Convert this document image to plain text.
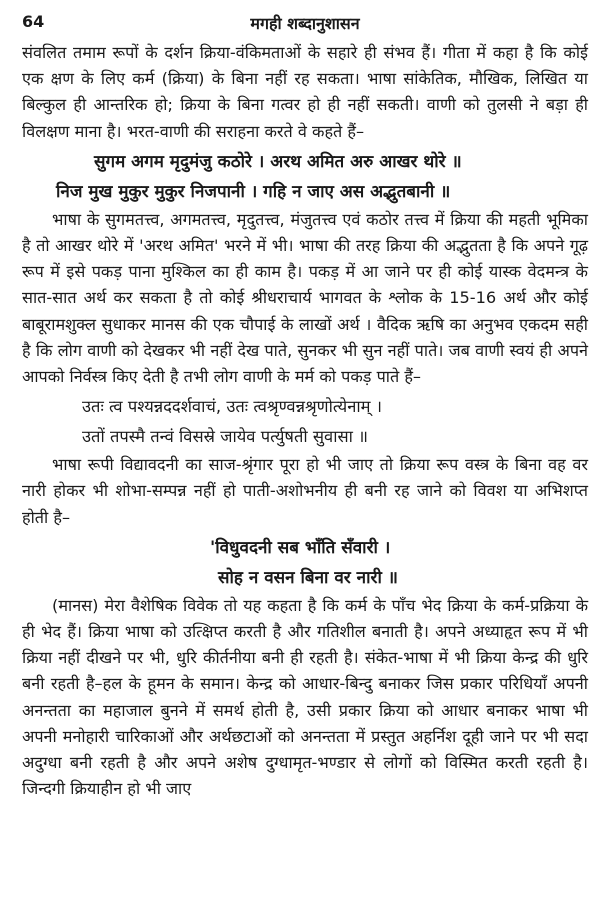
64	मगही शब्दानुशासन

संवलित तमाम रूपों के दर्शन क्रिया-वंकिमताओं के सहारे ही संभव हैं। गीता में कहा है कि कोई एक क्षण के लिए कर्म (क्रिया) के बिना नहीं रह सकता। भाषा सांकेतिक, मौखिक, लिखित या बिल्कुल ही आन्तरिक हो; क्रिया के बिना गत्वर हो ही नहीं सकती। वाणी को तुलसी ने बड़ा ही विलक्षण माना है। भरत-वाणी की सराहना करते वे कहते हैं–

सुगम अगम मृदुमंजु कठोरे । अरथ अमित अरु आखर थोरे ॥
निज मुख मुकुर मुकुर निजपानी । गहि न जाए अस अद्भुतबानी ॥

भाषा के सुगमतत्त्व, अगमतत्त्व, मृदुतत्त्व, मंजुतत्त्व एवं कठोर तत्त्व में क्रिया की महती भूमिका है तो आखर थोरे में 'अरथ अमित' भरने में भी। भाषा की तरह क्रिया की अद्भुतता है कि अपने गूढ़ रूप में इसे पकड़ पाना मुश्किल का ही काम है। पकड़ में आ जाने पर ही कोई यास्क वेदमन्त्र के सात-सात अर्थ कर सकता है तो कोई श्रीधराचार्य भागवत के श्लोक के 15-16 अर्थ और कोई बाबूरामशुक्ल सुधाकर मानस की एक चौपाई के लाखों अर्थ । वैदिक ऋषि का अनुभव एकदम सही है कि लोग वाणी को देखकर भी नहीं देख पाते, सुनकर भी सुन नहीं पाते। जब वाणी स्वयं ही अपने आपको निर्वस्त्र किए देती है तभी लोग वाणी के मर्म को पकड़ पाते हैं–

उतः त्व पश्यन्नददर्शवाचं, उतः त्वश्रृण्वन्नश्रृणोत्येनाम् ।
उतों तपस्मै तन्वं विसस्रे जायेव पर्त्युषती सुवासा ॥

भाषा रूपी विद्यावदनी का साज-श्रृंगार पूरा हो भी जाए तो क्रिया रूप वस्त्र के बिना वह वर नारी होकर भी शोभा-सम्पन्न नहीं हो पाती-अशोभनीय ही बनी रह जाने को विवश या अभिशप्त होती है–

'विधुवदनी सब भाँति सँवारी ।
सोह न वसन बिना वर नारी ॥

(मानस) मेरा वैशेषिक विवेक तो यह कहता है कि कर्म के पाँच भेद क्रिया के कर्म-प्रक्रिया के ही भेद हैं। क्रिया भाषा को उत्क्षिप्त करती है और गतिशील बनाती है। अपने अध्याहृत रूप में भी क्रिया नहीं दीखने पर भी, धुरि कीर्तनीया बनी ही रहती है। संकेत-भाषा में भी क्रिया केन्द्र की धुरि बनी रहती है–हल के हूमन के समान। केन्द्र को आधार-बिन्दु बनाकर जिस प्रकार परिधियाँ अपनी अनन्तता का महाजाल बुनने में समर्थ होती है, उसी प्रकार क्रिया को आधार बनाकर भाषा भी अपनी मनोहारी चारिकाओं और अर्थछटाओं को अनन्तता में प्रस्तुत अहर्निश दूही जाने पर भी सदा अदुग्धा बनी रहती है और अपने अशेष दुग्धामृत-भण्डार से लोगों को विस्मित करती रहती है। जिन्दगी क्रियाहीन हो भी जाए
